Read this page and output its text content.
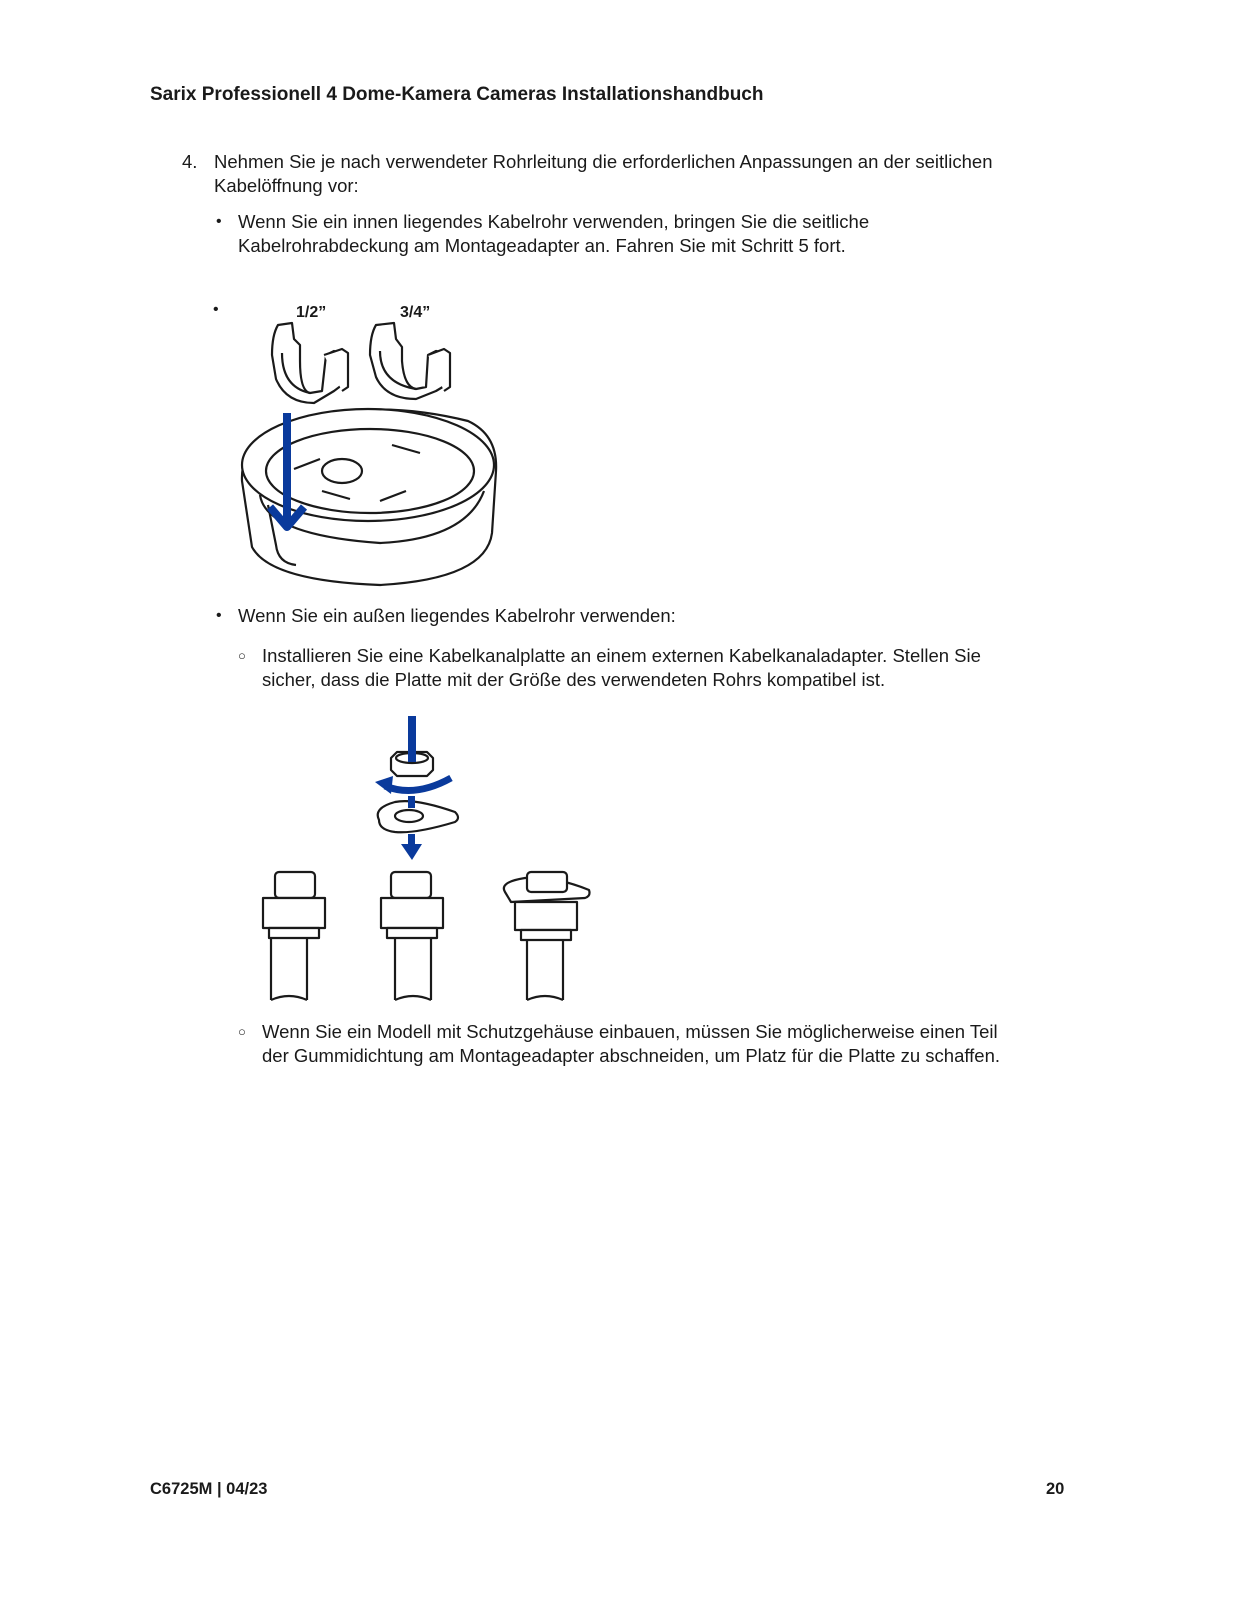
Sarix Professionell 4 Dome-Kamera Cameras Installationshandbuch
4. Nehmen Sie je nach verwendeter Rohrleitung die erforderlichen Anpassungen an der seitlichen Kabelöffnung vor:
• Wenn Sie ein innen liegendes Kabelrohr verwenden, bringen Sie die seitliche Kabelrohrabdeckung am Montageadapter an. Fahren Sie mit Schritt 5 fort.
•	1/2”	3/4”
• Wenn Sie ein außen liegendes Kabelrohr verwenden:
○ Installieren Sie eine Kabelkanalplatte an einem externen Kabelkanaladapter. Stellen Sie sicher, dass die Platte mit der Größe des verwendeten Rohrs kompatibel ist.
○ Wenn Sie ein Modell mit Schutzgehäuse einbauen, müssen Sie möglicherweise einen Teil der Gummidichtung am Montageadapter abschneiden, um Platz für die Platte zu schaffen.
C6725M | 04/23	20
